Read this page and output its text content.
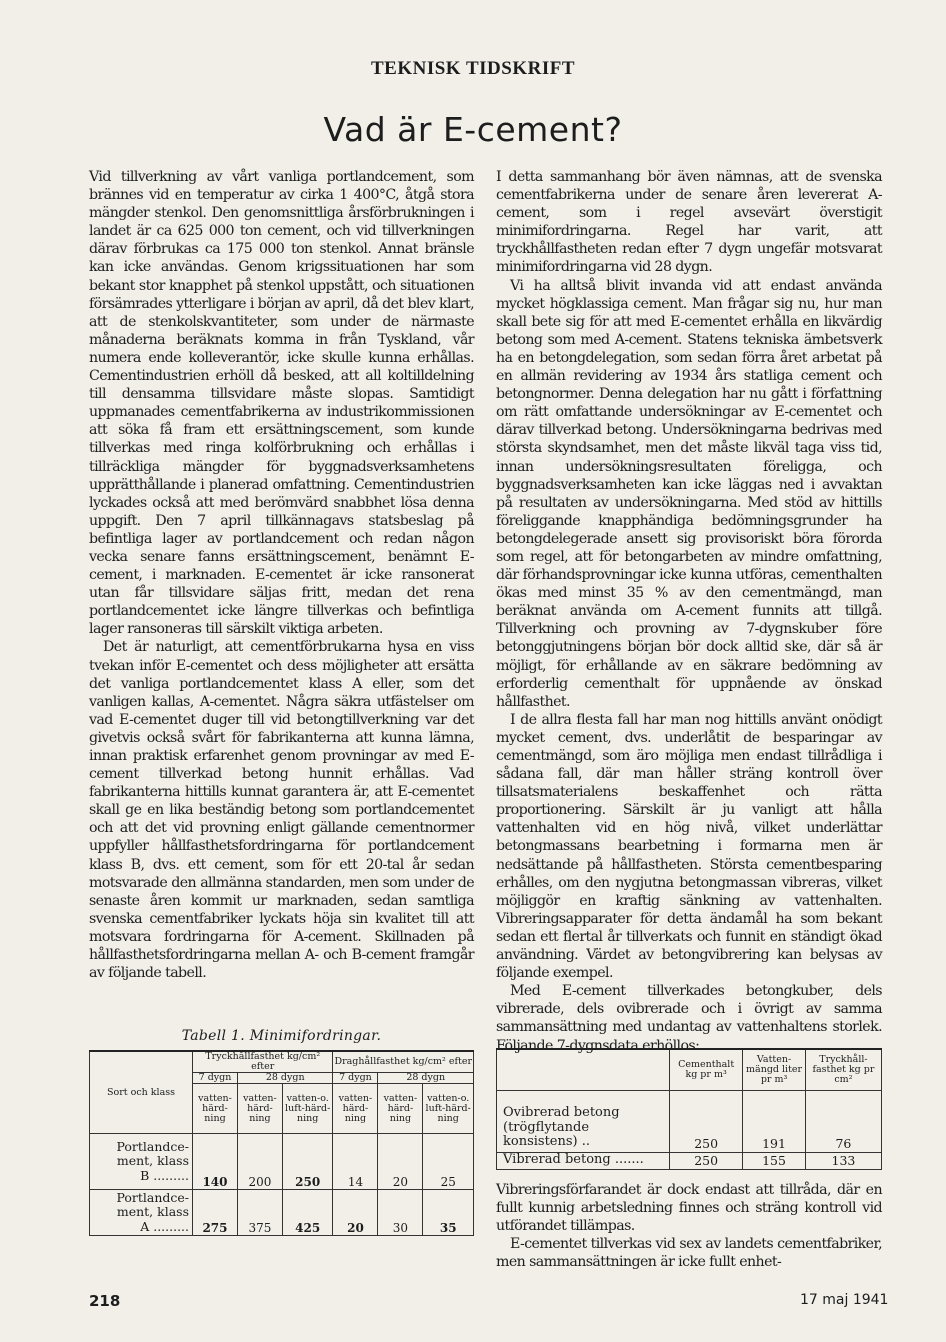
TEKNISK TIDSKRIFT
Vad är E-cement?

Vid tillverkning av vårt vanliga portlandcement, som brännes vid en temperatur av cirka 1 400°C, åtgå stora mängder stenkol. Den genomsnittliga årsförbrukningen i landet är ca 625 000 ton cement, och vid tillverkningen därav förbrukas ca 175 000 ton stenkol. Annat bränsle kan icke användas. Genom krigssituationen har som bekant stor knapphet på stenkol uppstått, och situationen försämrades ytterligare i början av april, då det blev klart, att de stenkolskvantiteter, som under de närmaste månaderna beräknats komma in från Tyskland, vår numera ende kolleverantör, icke skulle kunna erhållas. Cementindustrien erhöll då besked, att all koltilldelning till densamma tillsvidare måste slopas. Samtidigt uppmanades cementfabrikerna av industrikommissionen att söka få fram ett ersättningscement, som kunde tillverkas med ringa kolförbrukning och erhållas i tillräckliga mängder för byggnadsverksamhetens upprätthållande i planerad omfattning. Cementindustrien lyckades också att med berömvärd snabbhet lösa denna uppgift. Den 7 april tillkännagavs statsbeslag på befintliga lager av portlandcement och redan någon vecka senare fanns ersättningscement, benämnt E-cement, i marknaden. E-cementet är icke ransonerat utan får tillsvidare säljas fritt, medan det rena portlandcementet icke längre tillverkas och befintliga lager ransoneras till särskilt viktiga arbeten.

Det är naturligt, att cementförbrukarna hysa en viss tvekan inför E-cementet och dess möjligheter att ersätta det vanliga portlandcementet klass A eller, som det vanligen kallas, A-cementet. Några säkra utfästelser om vad E-cementet duger till vid betongtillverkning var det givetvis också svårt för fabrikanterna att kunna lämna, innan praktisk erfarenhet genom provningar av med E-cement tillverkad betong hunnit erhållas. Vad fabrikanterna hittills kunnat garantera är, att E-cementet skall ge en lika beständig betong som portlandcementet och att det vid provning enligt gällande cementnormer uppfyller hållfasthetsfordringarna för portlandcement klass B, dvs. ett cement, som för ett 20-tal år sedan motsvarade den allmänna standarden, men som under de senaste åren kommit ur marknaden, sedan samtliga svenska cementfabriker lyckats höja sin kvalitet till att motsvara fordringarna för A-cement. Skillnaden på hållfasthetsfordringarna mellan A- och B-cement framgår av följande tabell.

Tabell 1. Minimifordringar.
Sort och klass	Tryckhållfasthet kg/cm² efter			Draghållfasthet kg/cm² efter		
	7 dygn	28 dygn		7 dygn	28 dygn	
	vatten-härd-ning	vatten-härd-ning	vatten-o. luft-härd-ning	vatten-härd-ning	vatten-härd-ning	vatten-o. luft-härd-ning

Portlandce-
ment, klass
B .........	140	200	250	14	20	25

Portlandce-
ment, klass
A .........	275	375	425	20	30	35

I detta sammanhang bör även nämnas, att de svenska cementfabrikerna under de senare åren levererat A-cement, som i regel avsevärt överstigit minimifordringarna. Regel har varit, att tryckhållfastheten redan efter 7 dygn ungefär motsvarat minimifordringarna vid 28 dygn.

Vi ha alltså blivit invanda vid att endast använda mycket högklassiga cement. Man frågar sig nu, hur man skall bete sig för att med E-cementet erhålla en likvärdig betong som med A-cement. Statens tekniska ämbetsverk ha en betongdelegation, som sedan förra året arbetat på en allmän revidering av 1934 års statliga cement och betongnormer. Denna delegation har nu gått i författning om rätt omfattande undersökningar av E-cementet och därav tillverkad betong. Undersökningarna bedrivas med största skyndsamhet, men det måste likväl taga viss tid, innan undersökningsresultaten föreligga, och byggnadsverksamheten kan icke läggas ned i avvaktan på resultaten av undersökningarna. Med stöd av hittills föreliggande knapphändiga bedömningsgrunder ha betongdelegerade ansett sig provisoriskt böra förorda som regel, att för betongarbeten av mindre omfattning, där förhandsprovningar icke kunna utföras, cementhalten ökas med minst 35 % av den cementmängd, man beräknat använda om A-cement funnits att tillgå. Tillverkning och provning av 7-dygnskuber före betonggjutningens början bör dock alltid ske, där så är möjligt, för erhållande av en säkrare bedömning av erforderlig cementhalt för uppnående av önskad hållfasthet.

I de allra flesta fall har man nog hittills använt onödigt mycket cement, dvs. underlåtit de besparingar av cementmängd, som äro möjliga men endast tillrådliga i sådana fall, där man håller sträng kontroll över tillsatsmaterialens beskaffenhet och rätta proportionering. Särskilt är ju vanligt att hålla vattenhalten vid en hög nivå, vilket underlättar betongmassans bearbetning i formarna men är nedsättande på hållfastheten. Största cementbesparing erhålles, om den nygjutna betongmassan vibreras, vilket möjliggör en kraftig sänkning av vattenhalten. Vibreringsapparater för detta ändamål ha som bekant sedan ett flertal år tillverkats och funnit en ständigt ökad användning. Värdet av betongvibrering kan belysas av följande exempel.

Med E-cement tillverkades betongkuber, dels vibrerade, dels ovibrerade och i övrigt av samma sammansättning med undantag av vattenhaltens storlek. Följande 7-dygnsdata erhöllos:

	Cementhalt kg pr m³	Vatten-mängd liter pr m³	Tryckhåll-fasthet kg pr cm²
Ovibrerad betong (trögflytande konsistens) ..	250	191	76
Vibrerad betong .......	250	155	133

Vibreringsförfarandet är dock endast att tillråda, där en fullt kunnig arbetsledning finnes och sträng kontroll vid utförandet tillämpas.

E-cementet tillverkas vid sex av landets cementfabriker, men sammansättningen är icke fullt enhet-

218	17 maj 1941
